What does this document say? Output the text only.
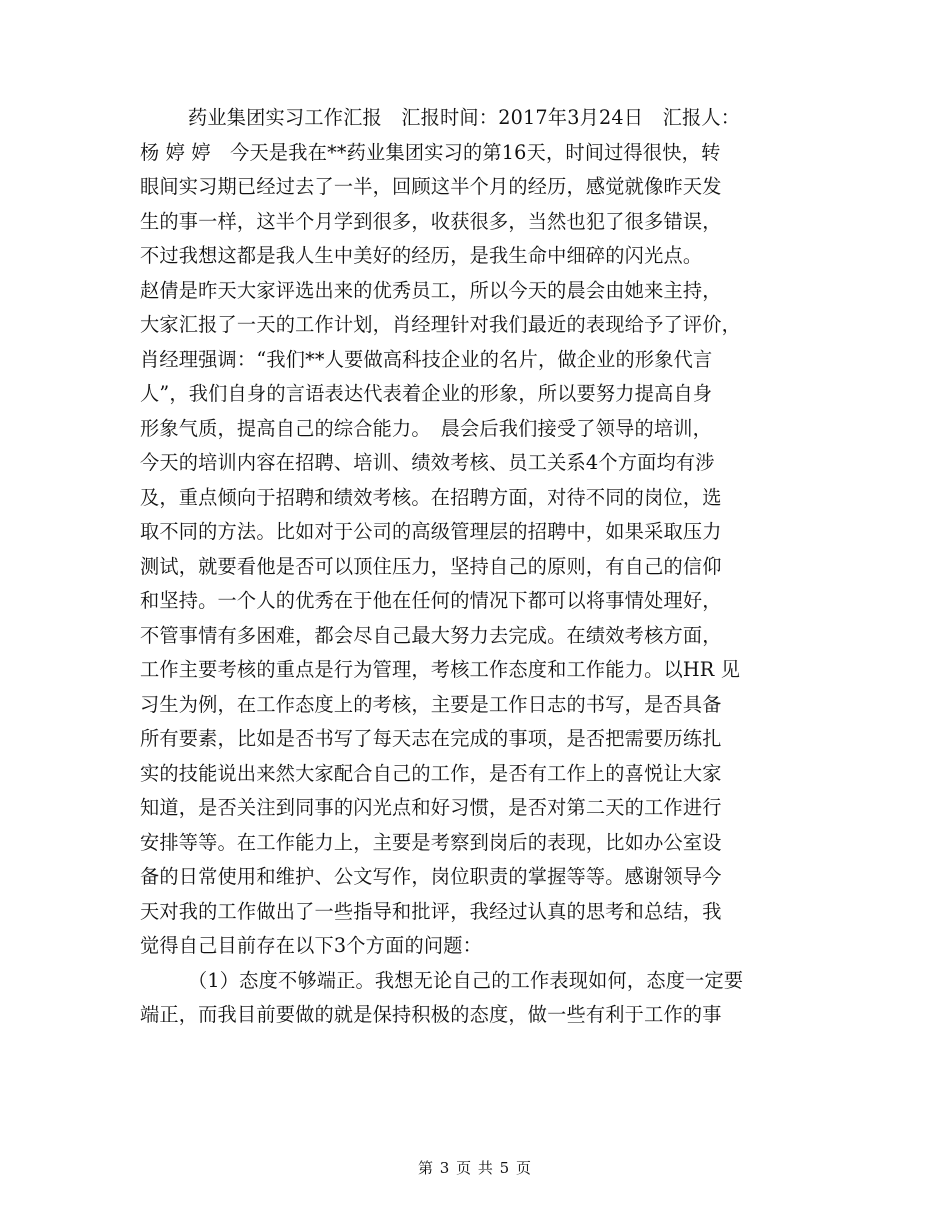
药业集团实习工作汇报　汇报时间：2017年3月24日　汇报人：
杨 婷 婷　今天是我在**药业集团实习的第16天，时间过得很快，转
眼间实习期已经过去了一半，回顾这半个月的经历，感觉就像昨天发
生的事一样，这半个月学到很多，收获很多，当然也犯了很多错误，
不过我想这都是我人生中美好的经历，是我生命中细碎的闪光点。
赵倩是昨天大家评选出来的优秀员工，所以今天的晨会由她来主持，
大家汇报了一天的工作计划，肖经理针对我们最近的表现给予了评价，
肖经理强调：“我们**人要做高科技企业的名片，做企业的形象代言
人”，我们自身的言语表达代表着企业的形象，所以要努力提高自身
形象气质，提高自己的综合能力。　晨会后我们接受了领导的培训，
今天的培训内容在招聘、培训、绩效考核、员工关系4个方面均有涉
及，重点倾向于招聘和绩效考核。在招聘方面，对待不同的岗位，选
取不同的方法。比如对于公司的高级管理层的招聘中，如果采取压力
测试，就要看他是否可以顶住压力，坚持自己的原则，有自己的信仰
和坚持。一个人的优秀在于他在任何的情况下都可以将事情处理好，
不管事情有多困难，都会尽自己最大努力去完成。在绩效考核方面，
工作主要考核的重点是行为管理，考核工作态度和工作能力。以HR 见
习生为例，在工作态度上的考核，主要是工作日志的书写，是否具备
所有要素，比如是否书写了每天志在完成的事项，是否把需要历练扎
实的技能说出来然大家配合自己的工作，是否有工作上的喜悦让大家
知道，是否关注到同事的闪光点和好习惯，是否对第二天的工作进行
安排等等。在工作能力上，主要是考察到岗后的表现，比如办公室设
备的日常使用和维护、公文写作，岗位职责的掌握等等。感谢领导今
天对我的工作做出了一些指导和批评，我经过认真的思考和总结，我
觉得自己目前存在以下3个方面的问题：
（1）态度不够端正。我想无论自己的工作表现如何，态度一定要
端正，而我目前要做的就是保持积极的态度，做一些有利于工作的事
第 3 页 共 5 页
